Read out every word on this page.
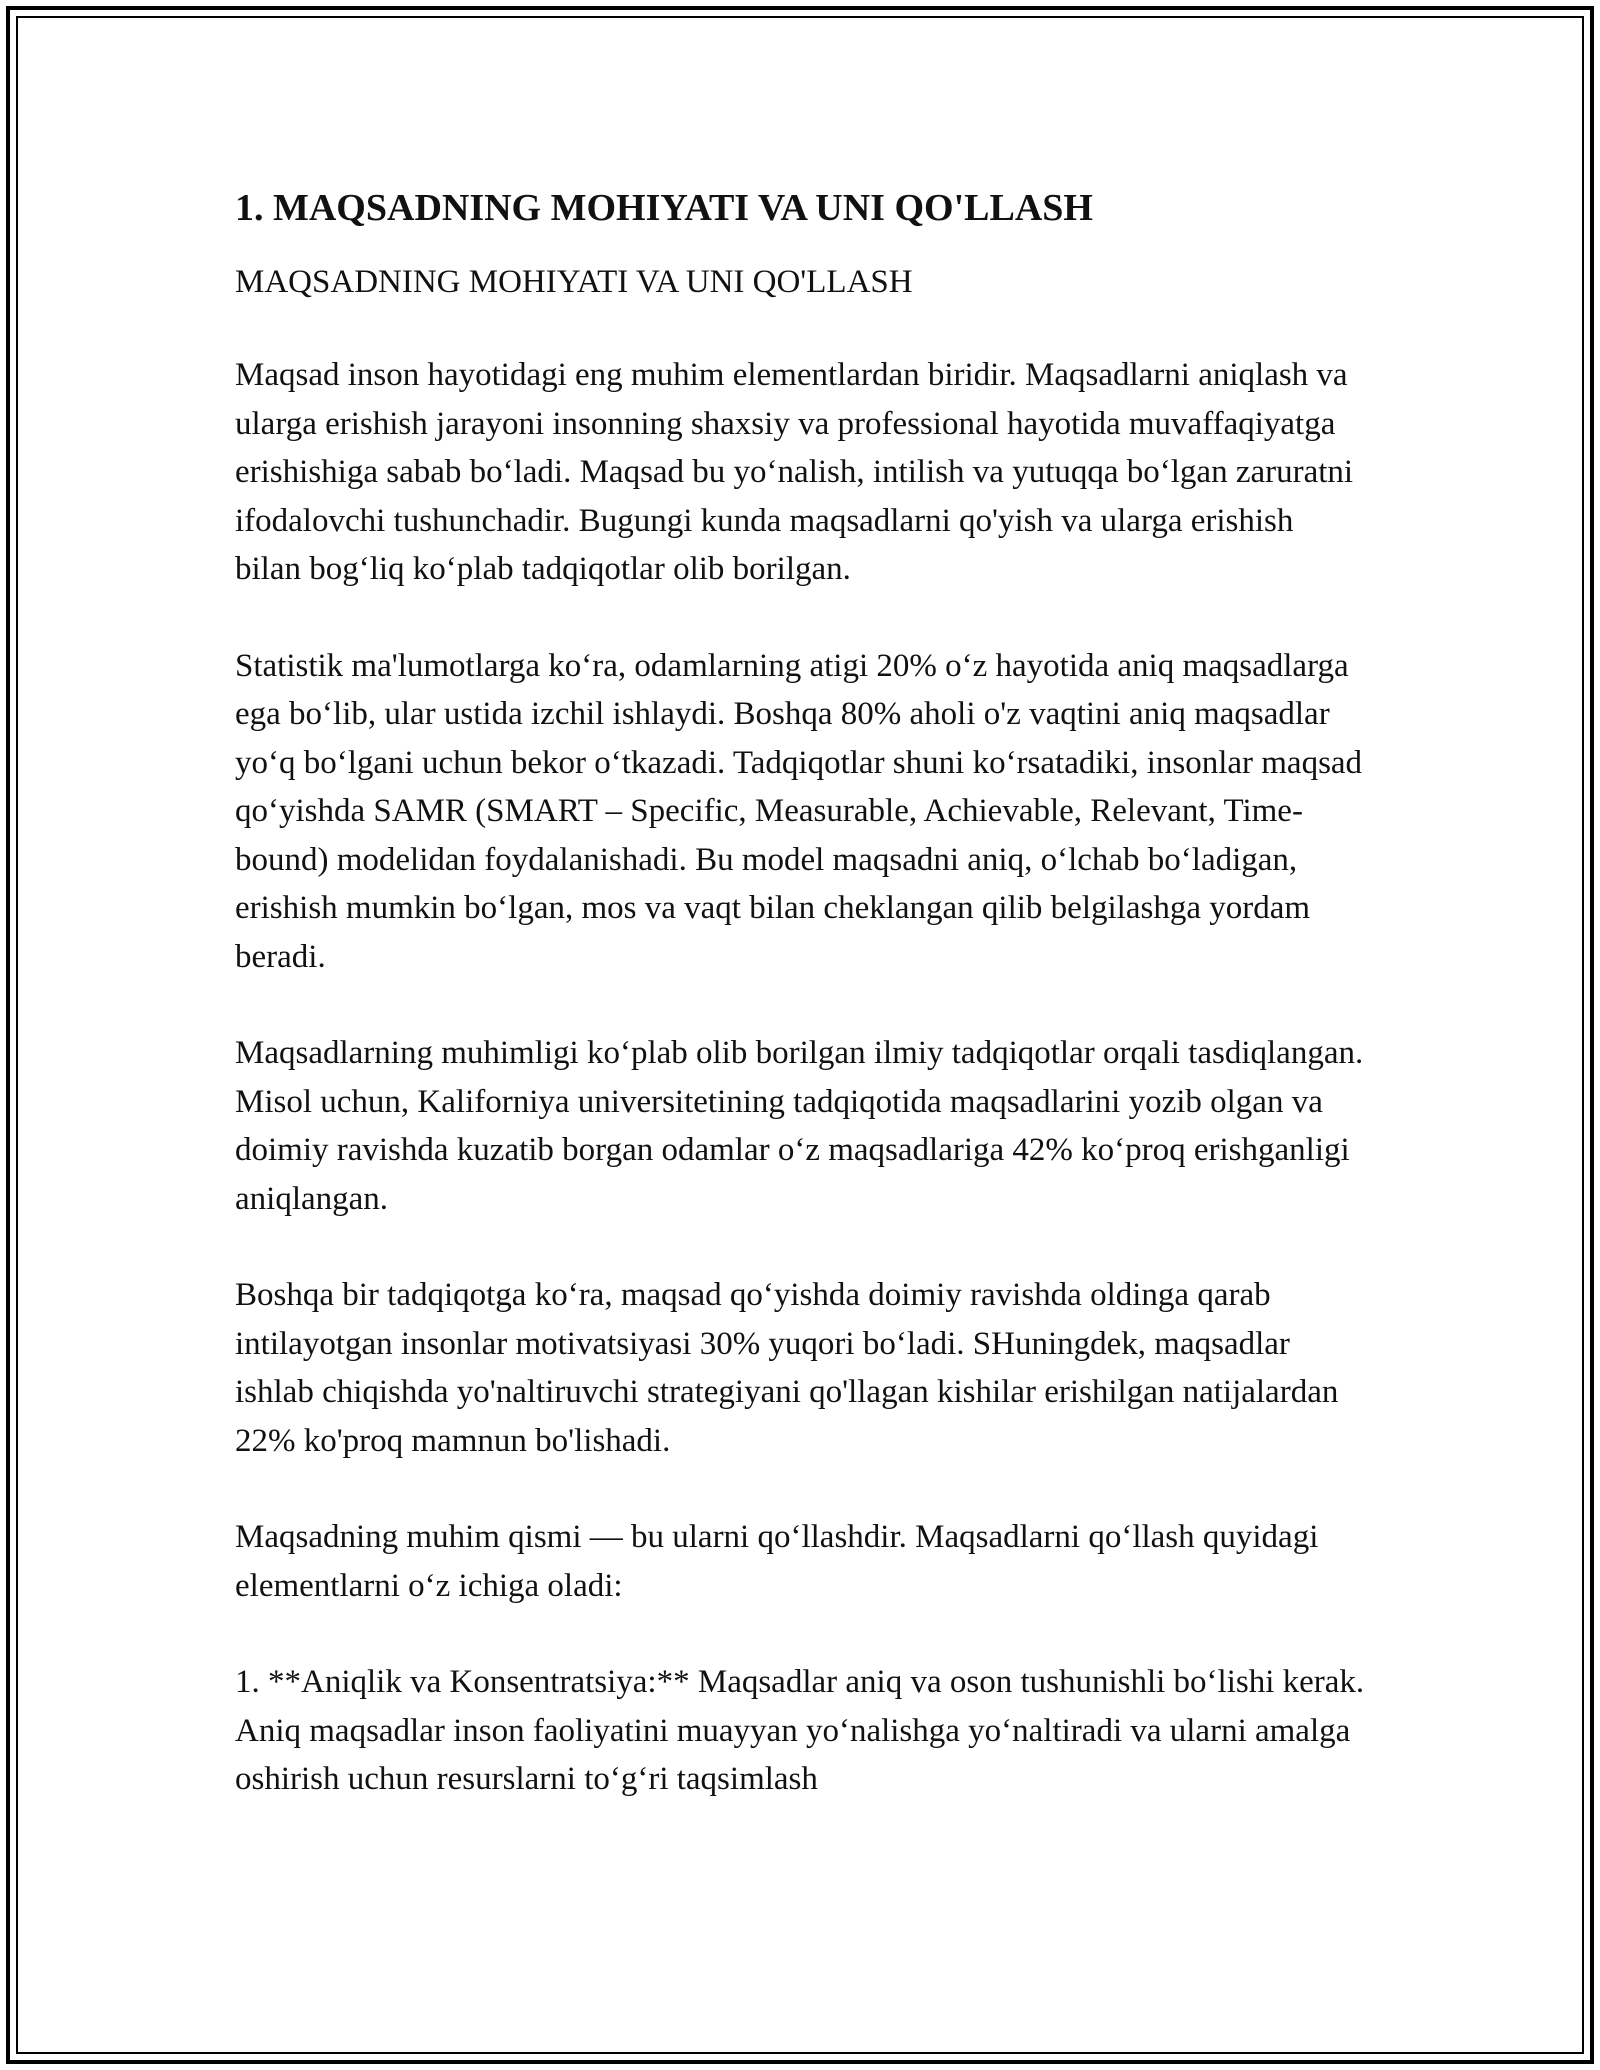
1. MAQSADNING MOHIYATI VA UNI QO'LLASH

MAQSADNING MOHIYATI VA UNI QO'LLASH

Maqsad inson hayotidagi eng muhim elementlardan biridir. Maqsadlarni aniqlash va ularga erishish jarayoni insonning shaxsiy va professional hayotida muvaffaqiyatga erishishiga sabab boʻladi. Maqsad bu yoʻnalish, intilish va yutuqqa boʻlgan zaruratni ifodalovchi tushunchadir. Bugungi kunda maqsadlarni qo'yish va ularga erishish bilan bogʻliq koʻplab tadqiqotlar olib borilgan.

Statistik ma'lumotlarga koʻra, odamlarning atigi 20% oʻz hayotida aniq maqsadlarga ega boʻlib, ular ustida izchil ishlaydi. Boshqa 80% aholi o'z vaqtini aniq maqsadlar yoʻq boʻlgani uchun bekor oʻtkazadi. Tadqiqotlar shuni koʻrsatadiki, insonlar maqsad qoʻyishda SAMR (SMART – Specific, Measurable, Achievable, Relevant, Time-bound) modelidan foydalanishadi. Bu model maqsadni aniq, oʻlchab boʻladigan, erishish mumkin boʻlgan, mos va vaqt bilan cheklangan qilib belgilashga yordam beradi.

Maqsadlarning muhimligi koʻplab olib borilgan ilmiy tadqiqotlar orqali tasdiqlangan. Misol uchun, Kaliforniya universitetining tadqiqotida maqsadlarini yozib olgan va doimiy ravishda kuzatib borgan odamlar oʻz maqsadlariga 42% koʻproq erishganligi aniqlangan.

Boshqa bir tadqiqotga koʻra, maqsad qoʻyishda doimiy ravishda oldinga qarab intilayotgan insonlar motivatsiyasi 30% yuqori boʻladi. SHuningdek, maqsadlar ishlab chiqishda yo'naltiruvchi strategiyani qo'llagan kishilar erishilgan natijalardan 22% ko'proq mamnun bo'lishadi.

Maqsadning muhim qismi — bu ularni qoʻllashdir. Maqsadlarni qoʻllash quyidagi elementlarni oʻz ichiga oladi:

1. **Aniqlik va Konsentratsiya:** Maqsadlar aniq va oson tushunishli boʻlishi kerak. Aniq maqsadlar inson faoliyatini muayyan yoʻnalishga yoʻnaltiradi va ularni amalga oshirish uchun resurslarni toʻgʻri taqsimlash
